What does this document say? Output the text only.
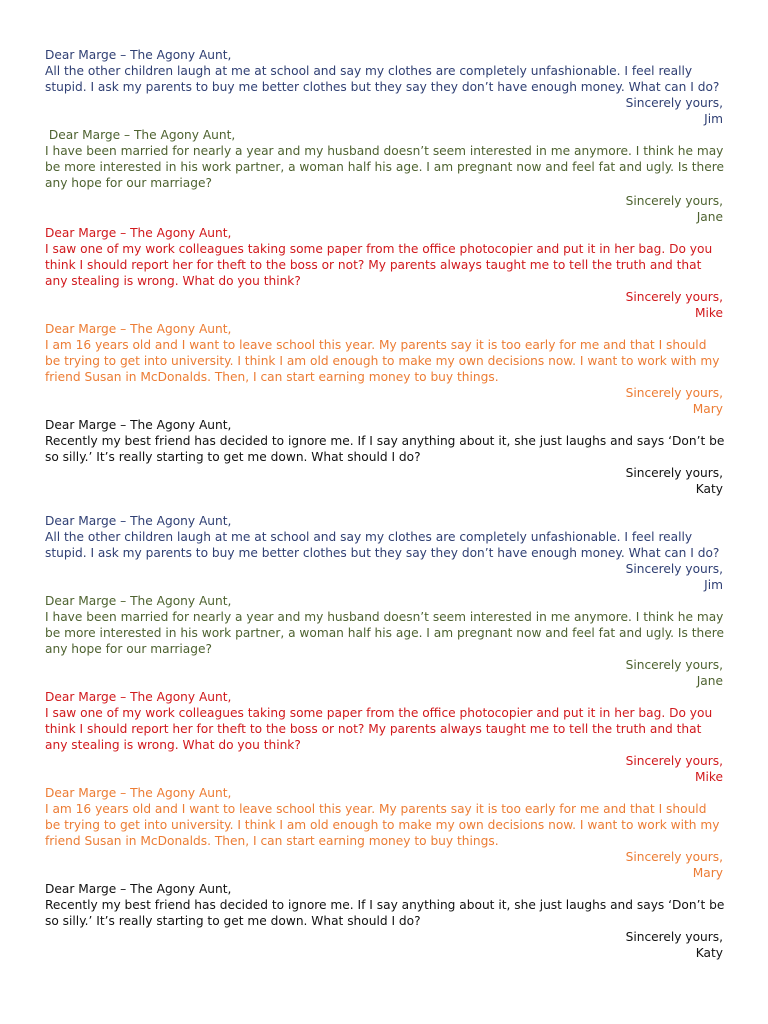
Dear Marge – The Agony Aunt,

All the other children laugh at me at school and say my clothes are completely unfashionable. I feel really stupid. I ask my parents to buy me better clothes but they say they don’t have enough money. What can I do?

Sincerely yours,

Jim

Dear Marge – The Agony Aunt,

I have been married for nearly a year and my husband doesn’t seem interested in me anymore. I think he may be more interested in his work partner, a woman half his age. I am pregnant now and feel fat and ugly. Is there any hope for our marriage?

Sincerely yours,

Jane

Dear Marge – The Agony Aunt,

I saw one of my work colleagues taking some paper from the office photocopier and put it in her bag. Do you think I should report her for theft to the boss or not? My parents always taught me to tell the truth and that any stealing is wrong. What do you think?

Sincerely yours,

Mike

Dear Marge – The Agony Aunt,

I am 16 years old and I want to leave school this year. My parents say it is too early for me and that I should be trying to get into university. I think I am old enough to make my own decisions now. I want to work with my friend Susan in McDonalds. Then, I can start earning money to buy things.

Sincerely yours,

Mary

Dear Marge – The Agony Aunt,

Recently my best friend has decided to ignore me. If I say anything about it, she just laughs and says ‘Don’t be so silly.’ It’s really starting to get me down. What should I do?

Sincerely yours,

Katy

Dear Marge – The Agony Aunt,

All the other children laugh at me at school and say my clothes are completely unfashionable. I feel really stupid. I ask my parents to buy me better clothes but they say they don’t have enough money. What can I do?

Sincerely yours,

Jim

Dear Marge – The Agony Aunt,

I have been married for nearly a year and my husband doesn’t seem interested in me anymore. I think he may be more interested in his work partner, a woman half his age. I am pregnant now and feel fat and ugly. Is there any hope for our marriage?

Sincerely yours,

Jane

Dear Marge – The Agony Aunt,

I saw one of my work colleagues taking some paper from the office photocopier and put it in her bag. Do you think I should report her for theft to the boss or not? My parents always taught me to tell the truth and that any stealing is wrong. What do you think?

Sincerely yours,

Mike

Dear Marge – The Agony Aunt,

I am 16 years old and I want to leave school this year. My parents say it is too early for me and that I should be trying to get into university. I think I am old enough to make my own decisions now. I want to work with my friend Susan in McDonalds. Then, I can start earning money to buy things.

Sincerely yours,

Mary

Dear Marge – The Agony Aunt,

Recently my best friend has decided to ignore me. If I say anything about it, she just laughs and says ‘Don’t be so silly.’ It’s really starting to get me down. What should I do?

Sincerely yours,

Katy
